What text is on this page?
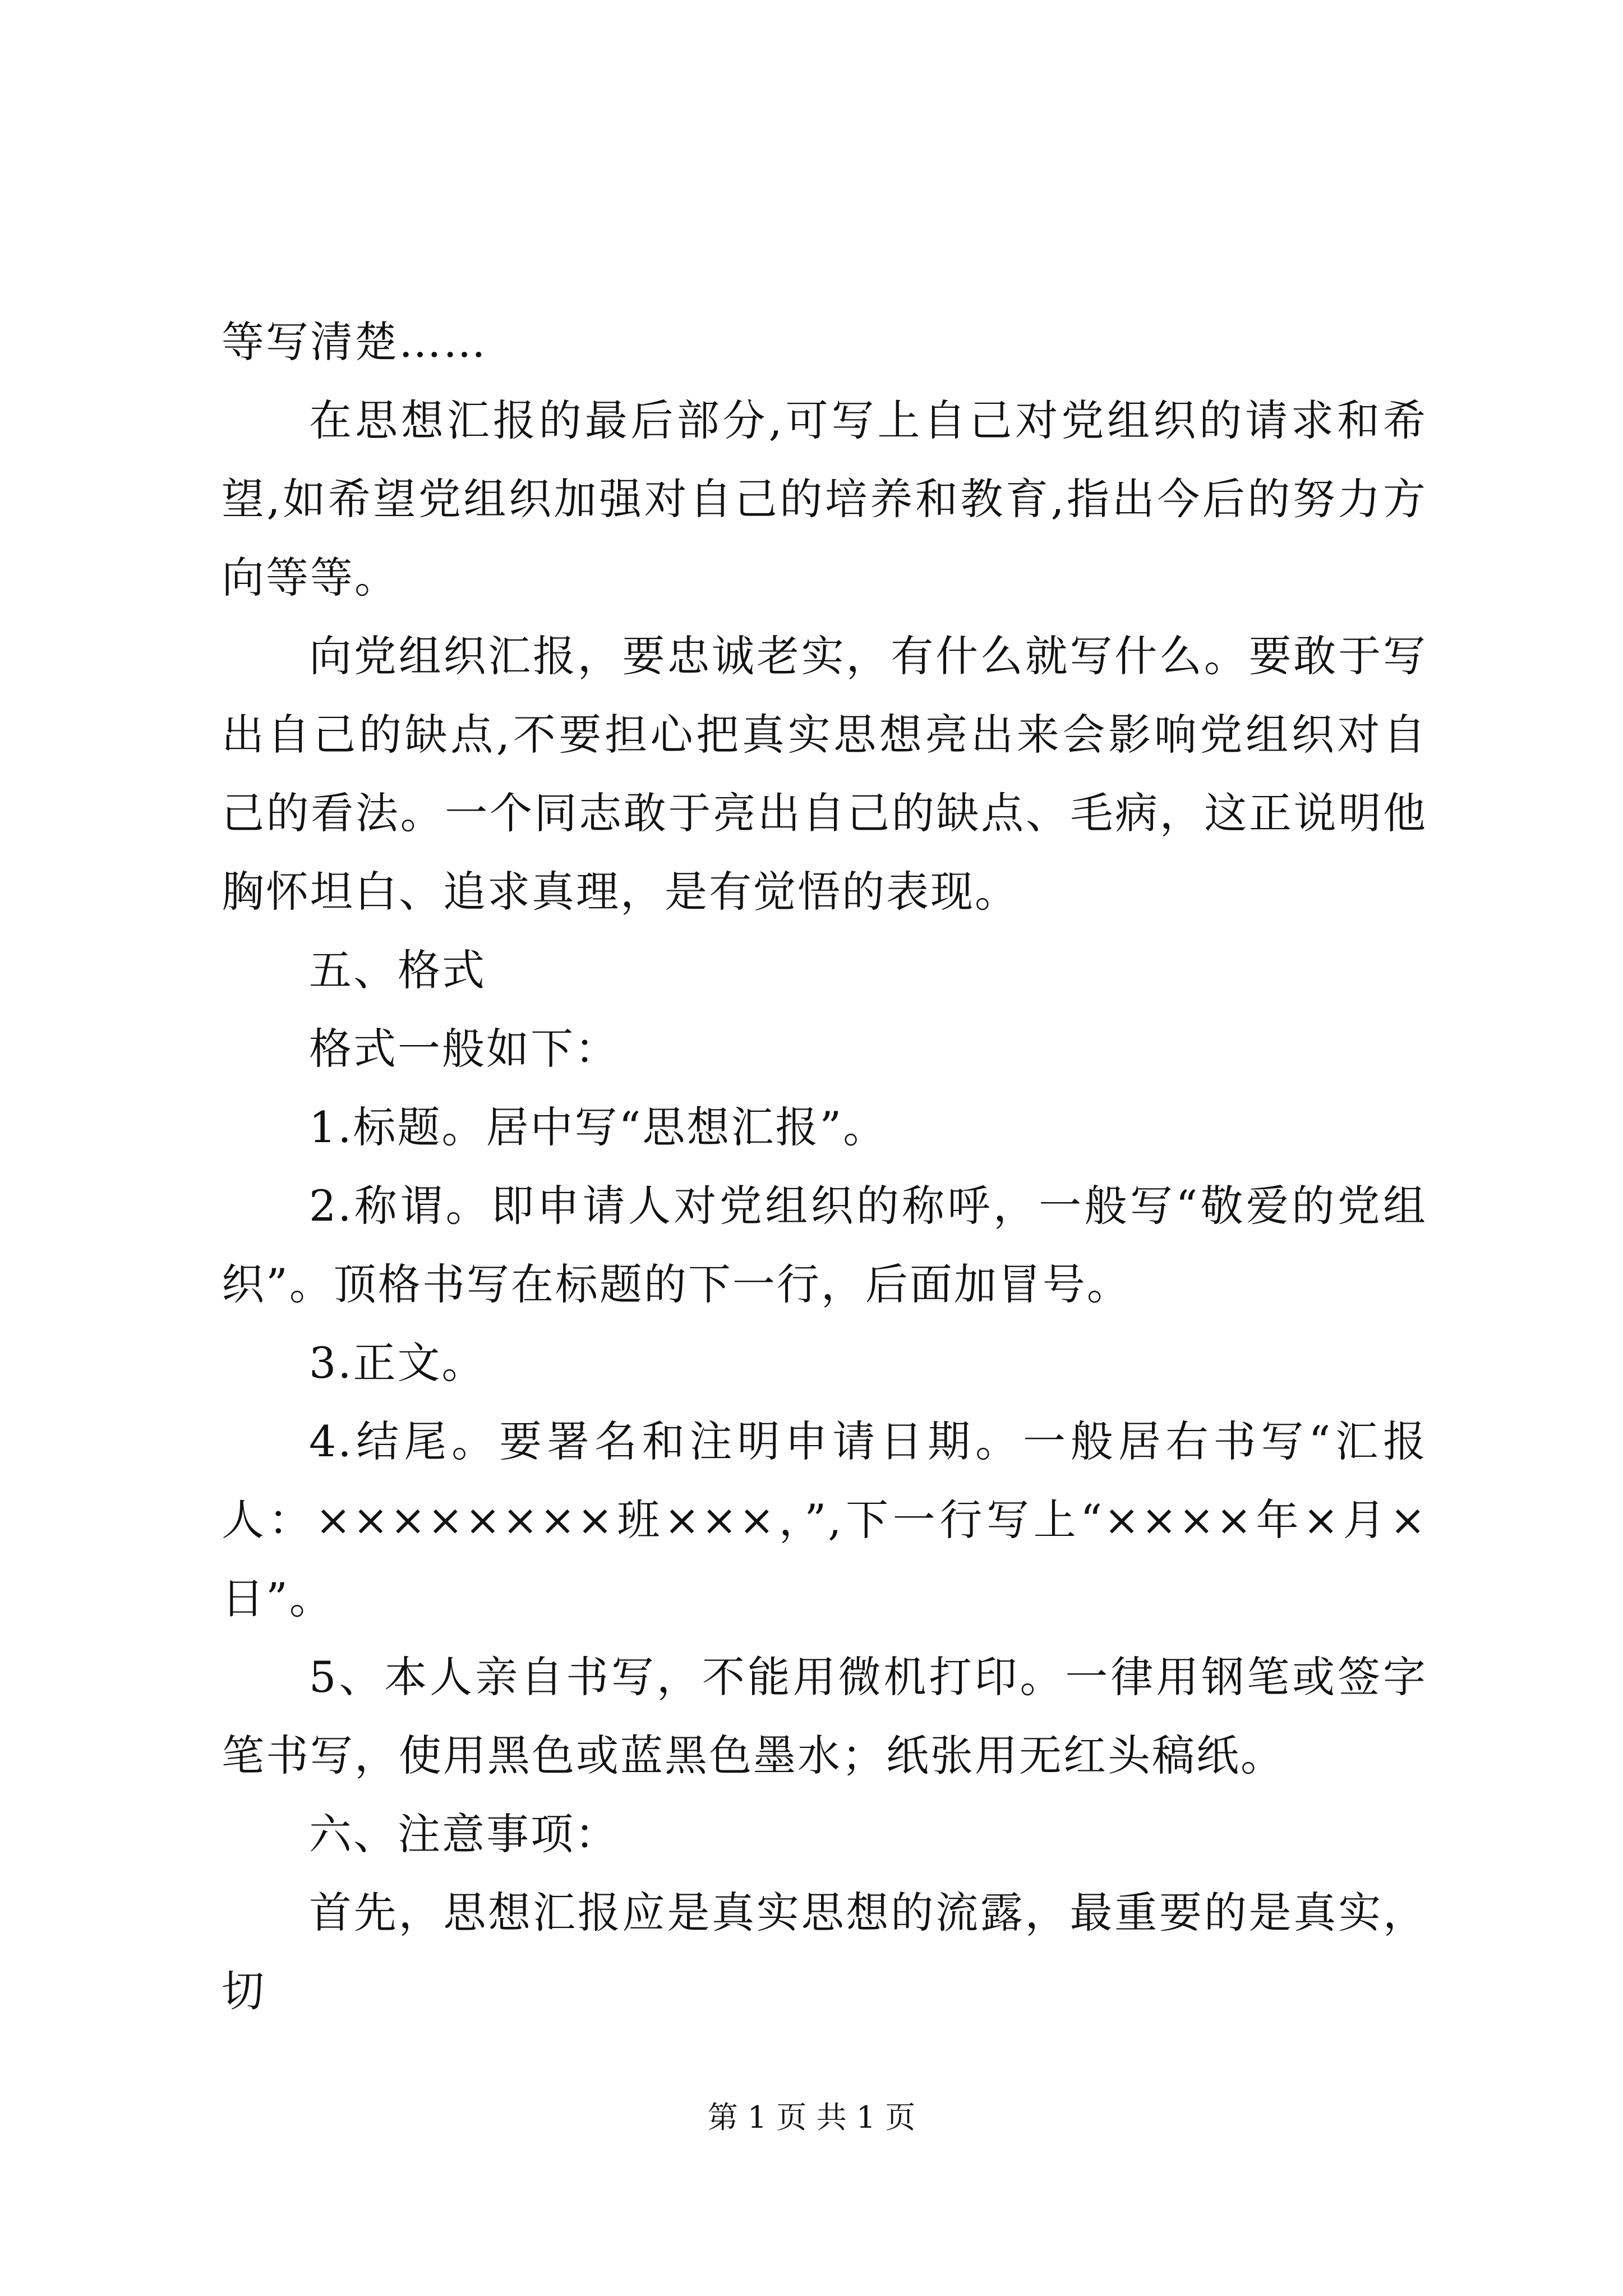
等写清楚……

在思想汇报的最后部分,可写上自己对党组织的请求和希望,如希望党组织加强对自己的培养和教育,指出今后的努力方向等等。

向党组织汇报，要忠诚老实，有什么就写什么。要敢于写出自己的缺点,不要担心把真实思想亮出来会影响党组织对自己的看法。一个同志敢于亮出自己的缺点、毛病，这正说明他胸怀坦白、追求真理，是有觉悟的表现。

五、格式

格式一般如下：

1.标题。居中写“思想汇报”。

2.称谓。即申请人对党组织的称呼，一般写“敬爱的党组织”。顶格书写在标题的下一行，后面加冒号。

3.正文。

4.结尾。要署名和注明申请日期。一般居右书写“汇报人：××××××××班×××，”,下一行写上“××××年×月×日”。

5、本人亲自书写，不能用微机打印。一律用钢笔或签字笔书写，使用黑色或蓝黑色墨水；纸张用无红头稿纸。

六、注意事项：

首先，思想汇报应是真实思想的流露，最重要的是真实，切

第 1 页 共 1 页
